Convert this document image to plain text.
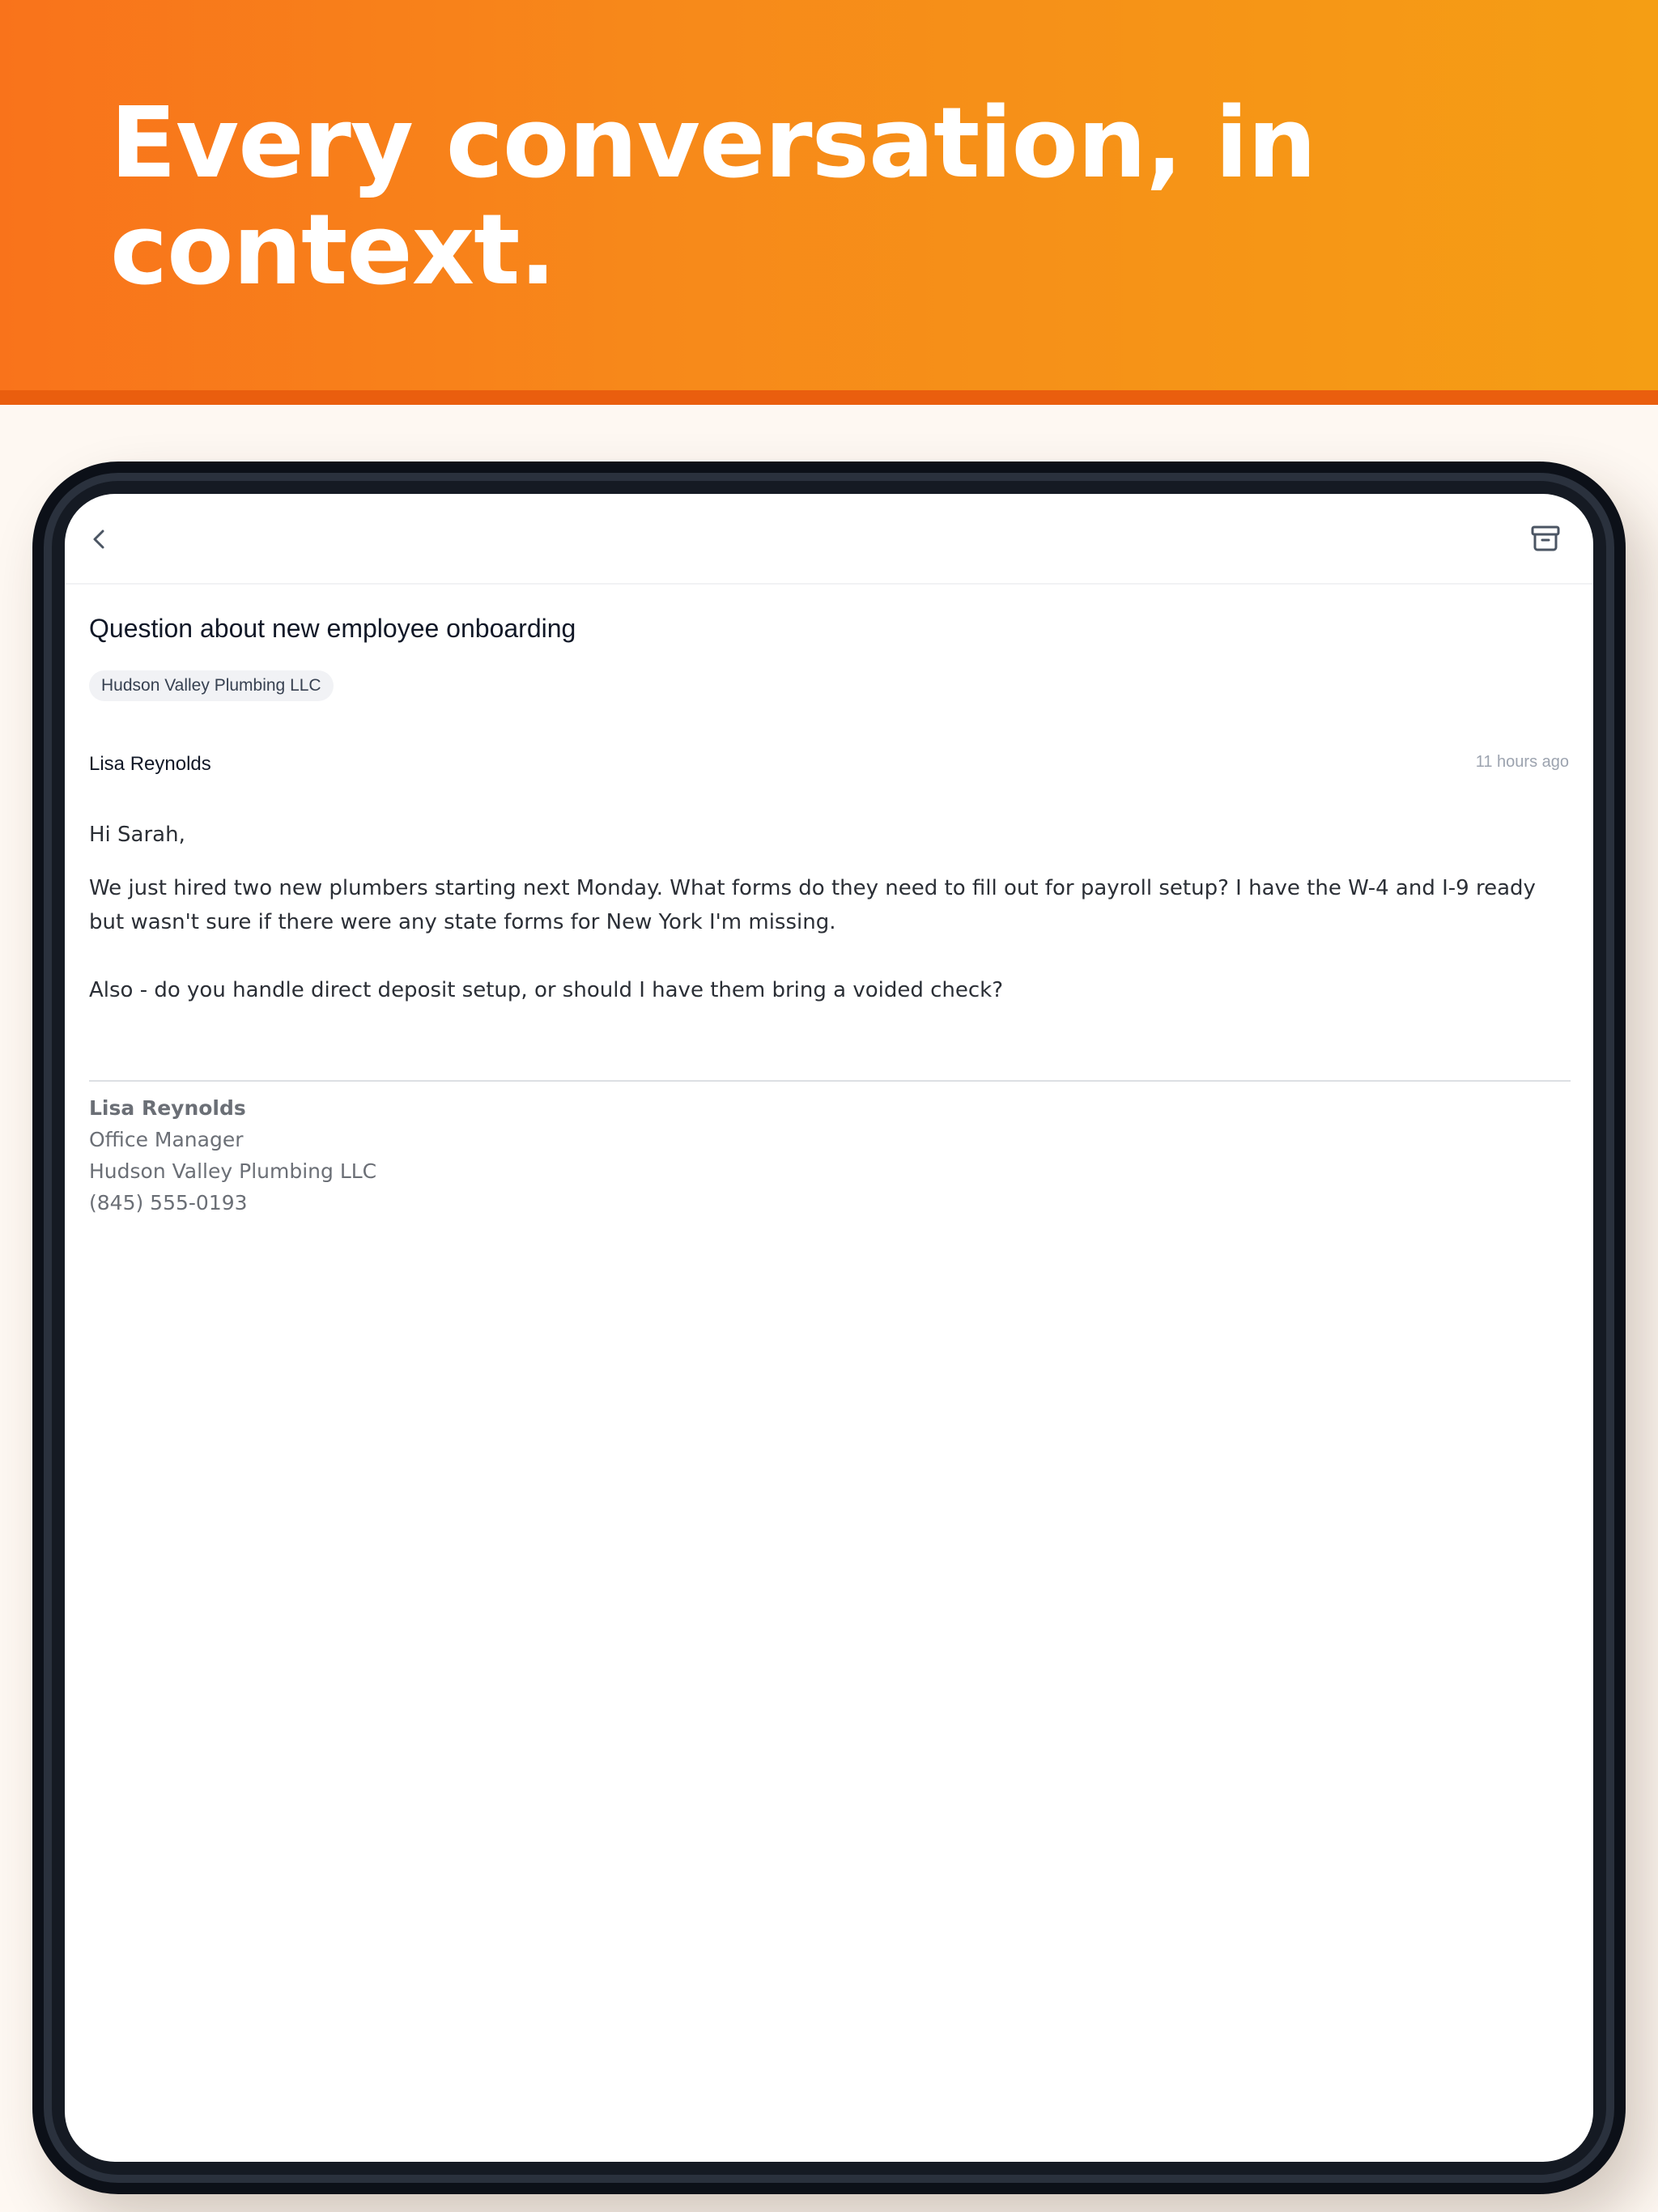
Every conversation, in context.
Question about new employee onboarding
Hudson Valley Plumbing LLC
Lisa Reynolds	11 hours ago
Hi Sarah,
We just hired two new plumbers starting next Monday. What forms do they need to fill out for payroll setup? I have the W-4 and I-9 ready but wasn't sure if there were any state forms for New York I'm missing.
Also - do you handle direct deposit setup, or should I have them bring a voided check?
Lisa Reynolds
Office Manager
Hudson Valley Plumbing LLC
(845) 555-0193
